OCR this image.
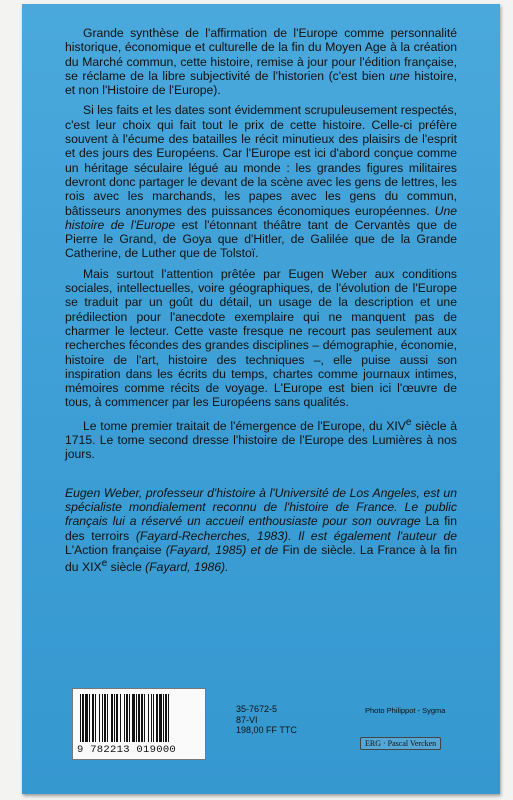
Grande synthèse de l'affirmation de l'Europe comme personnalité historique, économique et culturelle de la fin du Moyen Age à la création du Marché commun, cette histoire, remise à jour pour l'édition française, se réclame de la libre subjectivité de l'historien (c'est bien une histoire, et non l'Histoire de l'Europe).

Si les faits et les dates sont évidemment scrupuleusement respectés, c'est leur choix qui fait tout le prix de cette histoire. Celle-ci préfère souvent à l'écume des batailles le récit minutieux des plaisirs de l'esprit et des jours des Européens. Car l'Europe est ici d'abord conçue comme un héritage séculaire légué au monde : les grandes figures militaires devront donc partager le devant de la scène avec les gens de lettres, les rois avec les marchands, les papes avec les gens du commun, bâtisseurs anonymes des puissances économiques européennes. Une histoire de l'Europe est l'étonnant théâtre tant de Cervantès que de Pierre le Grand, de Goya que d'Hitler, de Galilée que de la Grande Catherine, de Luther que de Tolstoï.

Mais surtout l'attention prêtée par Eugen Weber aux conditions sociales, intellectuelles, voire géographiques, de l'évolution de l'Europe se traduit par un goût du détail, un usage de la description et une prédilection pour l'anecdote exemplaire qui ne manquent pas de charmer le lecteur. Cette vaste fresque ne recourt pas seulement aux recherches fécondes des grandes disciplines – démographie, économie, histoire de l'art, histoire des techniques –, elle puise aussi son inspiration dans les écrits du temps, chartes comme journaux intimes, mémoires comme récits de voyage. L'Europe est bien ici l'œuvre de tous, à commencer par les Européens sans qualités.

Le tome premier traitait de l'émergence de l'Europe, du XIVe siècle à 1715. Le tome second dresse l'histoire de l'Europe des Lumières à nos jours.

Eugen Weber, professeur d'histoire à l'Université de Los Angeles, est un spécialiste mondialement reconnu de l'histoire de France. Le public français lui a réservé un accueil enthousiaste pour son ouvrage La fin des terroirs (Fayard-Recherches, 1983). Il est également l'auteur de L'Action française (Fayard, 1985) et de Fin de siècle. La France à la fin du XIXe siècle (Fayard, 1986).

9 782213 019000
35-7672-5
87-VI
198,00 FF TTC
Photo Philippot - Sygma
ERG · Pascal Vercken
